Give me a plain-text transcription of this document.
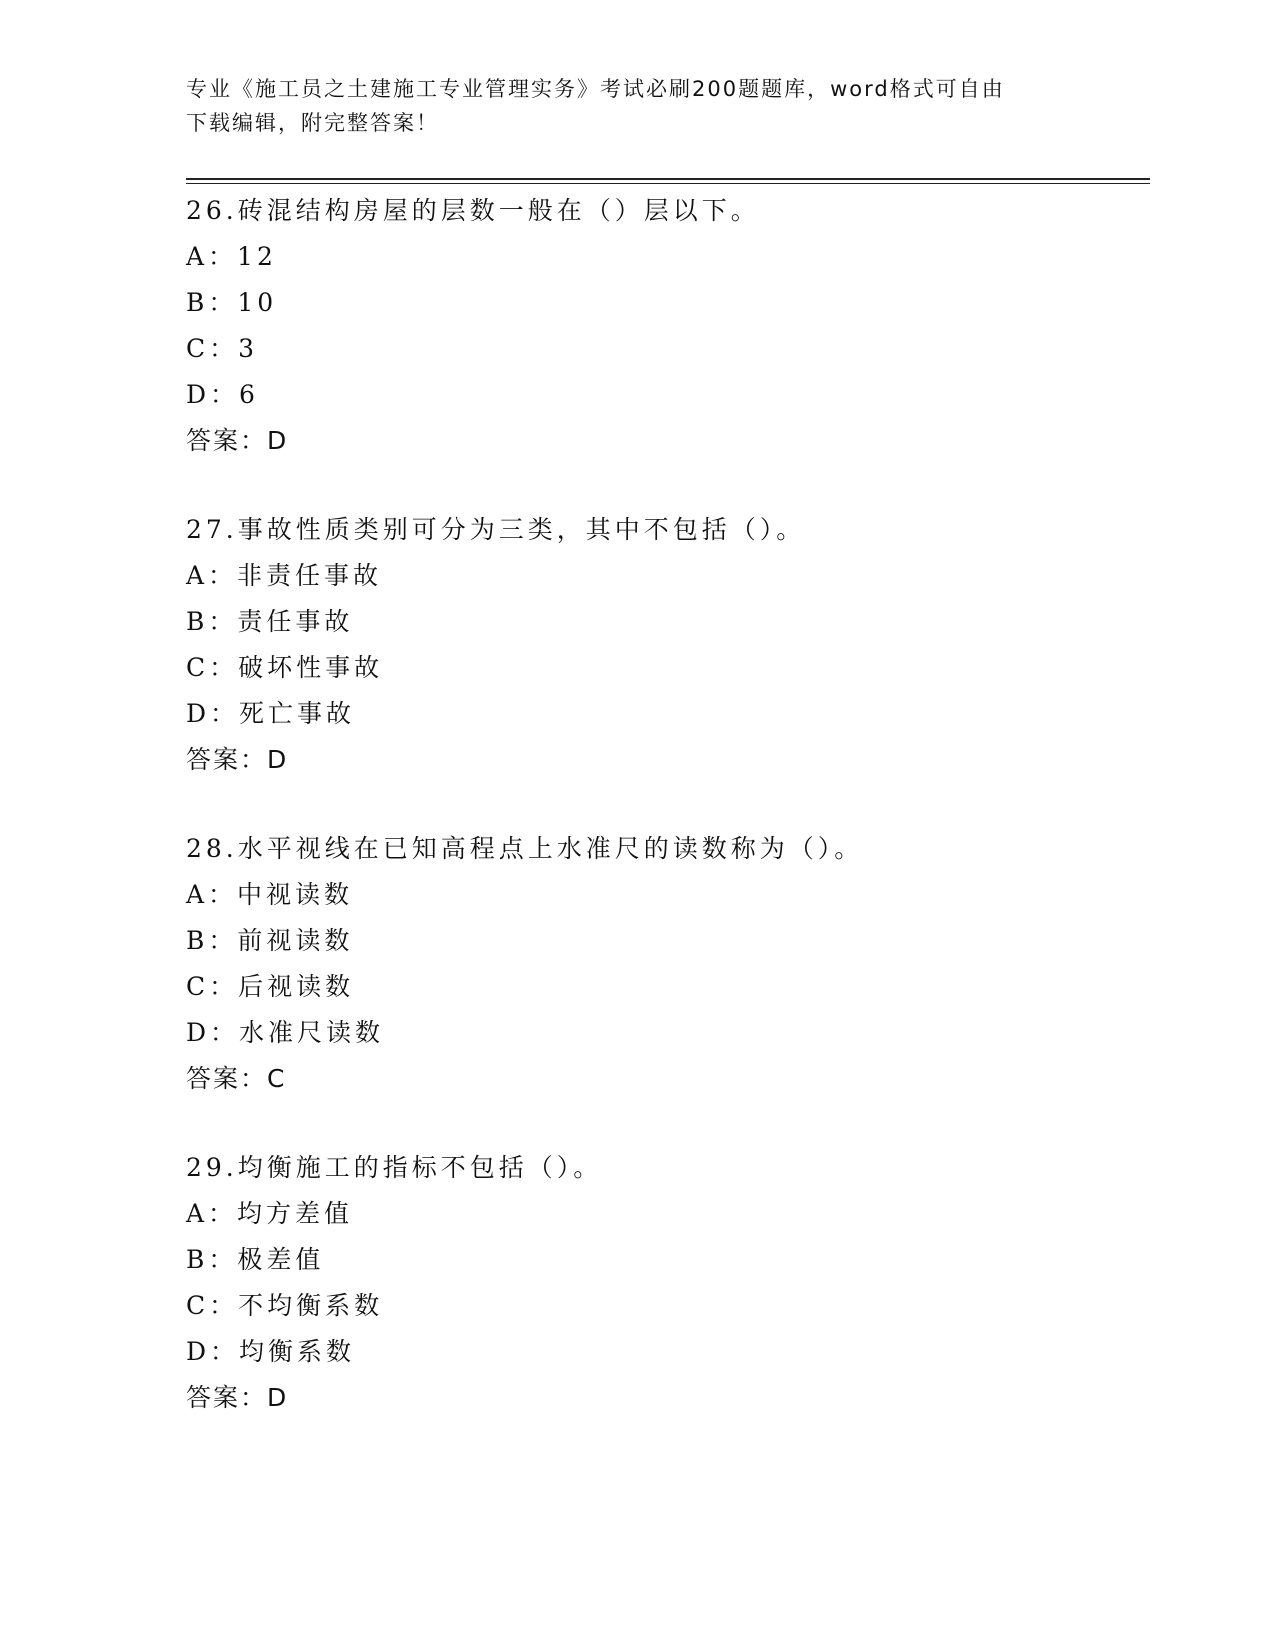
专业《施工员之土建施工专业管理实务》考试必刷200题题库，word格式可自由
下载编辑，附完整答案！
26.砖混结构房屋的层数一般在（）层以下。
A：12
B：10
C：3
D：6
答案：D
27.事故性质类别可分为三类，其中不包括（）。
A：非责任事故
B：责任事故
C：破坏性事故
D：死亡事故
答案：D
28.水平视线在已知高程点上水准尺的读数称为（）。
A：中视读数
B：前视读数
C：后视读数
D：水准尺读数
答案：C
29.均衡施工的指标不包括（）。
A：均方差值
B：极差值
C：不均衡系数
D：均衡系数
答案：D
